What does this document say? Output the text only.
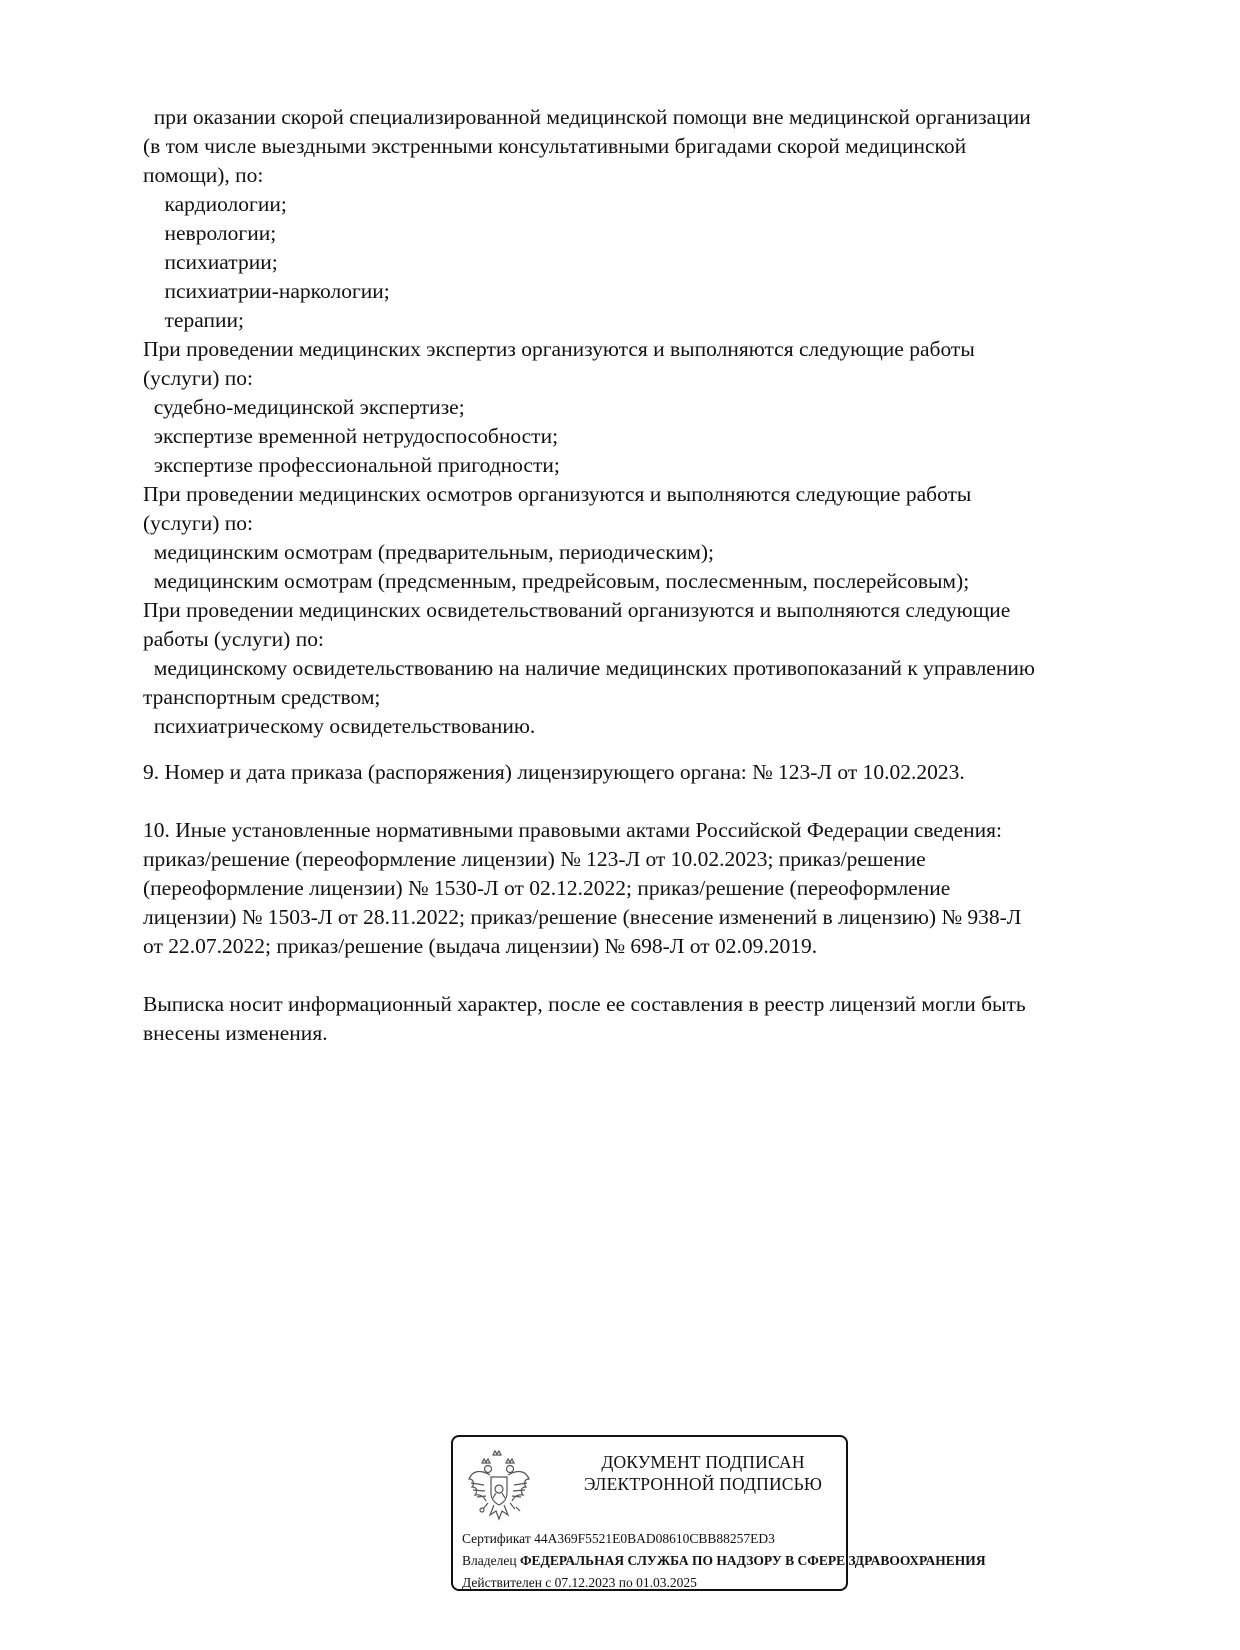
при оказании скорой специализированной медицинской помощи вне медицинской организации
(в том числе выездными экстренными консультативными бригадами скорой медицинской
помощи), по:
кардиологии;
неврологии;
психиатрии;
психиатрии-наркологии;
терапии;
При проведении медицинских экспертиз организуются и выполняются следующие работы
(услуги) по:
судебно-медицинской экспертизе;
экспертизе временной нетрудоспособности;
экспертизе профессиональной пригодности;
При проведении медицинских осмотров организуются и выполняются следующие работы
(услуги) по:
медицинским осмотрам (предварительным, периодическим);
медицинским осмотрам (предсменным, предрейсовым, послесменным, послерейсовым);
При проведении медицинских освидетельствований организуются и выполняются следующие
работы (услуги) по:
медицинскому освидетельствованию на наличие медицинских противопоказаний к управлению
транспортным средством;
психиатрическому освидетельствованию.
9. Номер и дата приказа (распоряжения) лицензирующего органа: № 123-Л от 10.02.2023.
10. Иные установленные нормативными правовыми актами Российской Федерации сведения:
приказ/решение (переоформление лицензии) № 123-Л от 10.02.2023; приказ/решение
(переоформление лицензии) № 1530-Л от 02.12.2022; приказ/решение (переоформление
лицензии) № 1503-Л от 28.11.2022; приказ/решение (внесение изменений в лицензию) № 938-Л
от 22.07.2022; приказ/решение (выдача лицензии) № 698-Л от 02.09.2019.
Выписка носит информационный характер, после ее составления в реестр лицензий могли быть
внесены изменения.
ДОКУМЕНТ ПОДПИСАН
ЭЛЕКТРОННОЙ ПОДПИСЬЮ
Сертификат 44A369F5521E0BAD08610CBB88257ED3
Владелец ФЕДЕРАЛЬНАЯ СЛУЖБА ПО НАДЗОРУ В СФЕРЕ ЗДРАВООХРАНЕНИЯ
Действителен с 07.12.2023 по 01.03.2025
